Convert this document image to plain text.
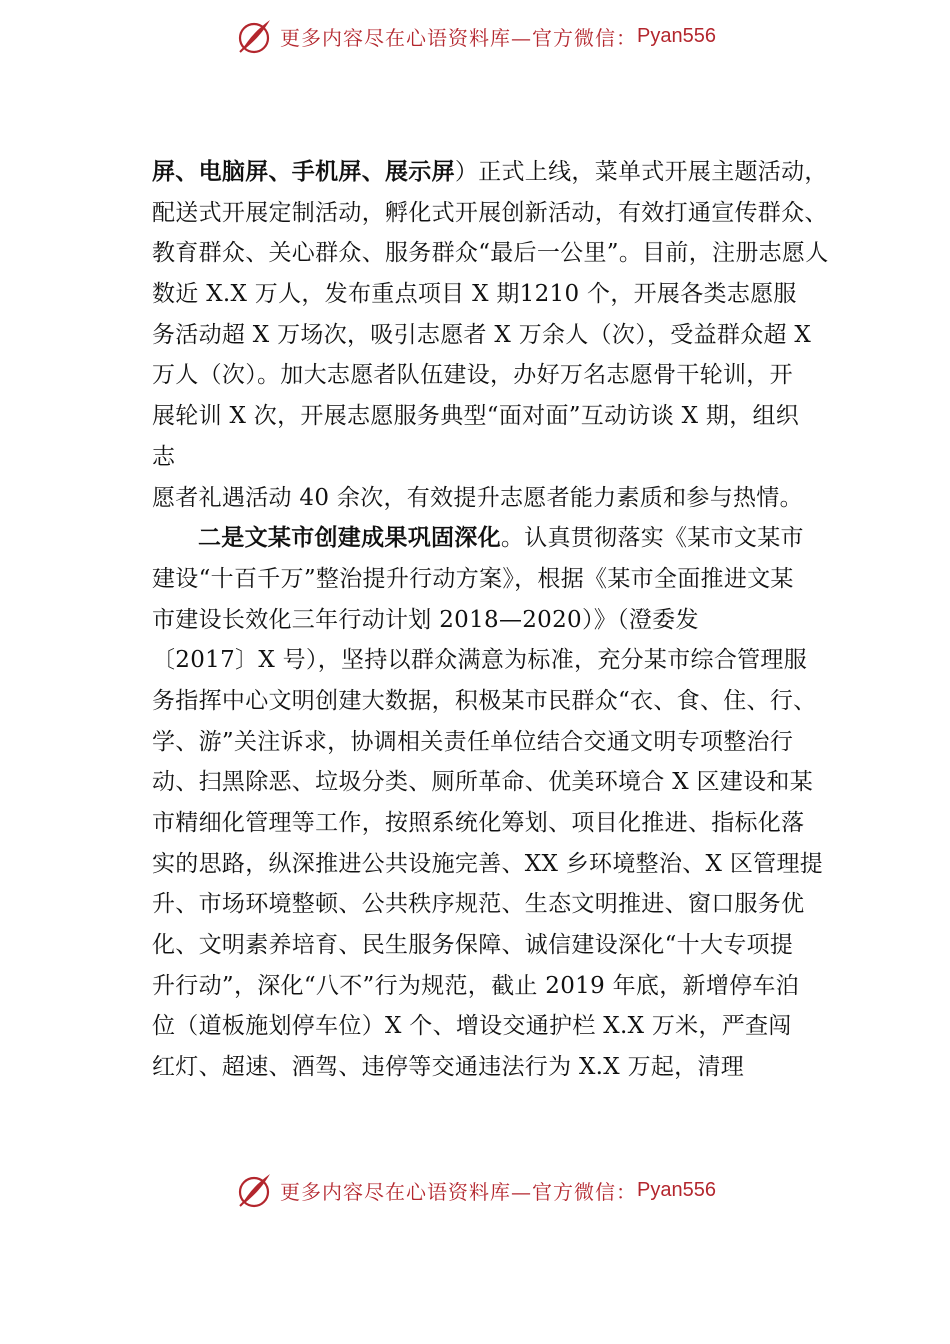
更多内容尽在心语资料库—官方微信： Pyan556
屏、电脑屏、手机屏、展示屏）正式上线，菜单式开展主题活动，
配送式开展定制活动，孵化式开展创新活动，有效打通宣传群众、
教育群众、关心群众、服务群众“最后一公里”。目前，注册志愿人
数近 X.X 万人，发布重点项目 X 期1210 个，开展各类志愿服
务活动超 X 万场次，吸引志愿者 X 万余人（次），受益群众超 X
万人（次）。加大志愿者队伍建设，办好万名志愿骨干轮训，开
展轮训 X 次，开展志愿服务典型“面对面”互动访谈 X 期，组织
志
愿者礼遇活动 40 余次，有效提升志愿者能力素质和参与热情。
二是文某市创建成果巩固深化。认真贯彻落实《某市文某市
建设“十百千万”整治提升行动方案》，根据《某市全面推进文某
市建设长效化三年行动计划 2018—2020）》（澄委发
〔2017〕X 号），坚持以群众满意为标准，充分某市综合管理服
务指挥中心文明创建大数据，积极某市民群众“衣、食、住、行、
学、游”关注诉求，协调相关责任单位结合交通文明专项整治行
动、扫黑除恶、垃圾分类、厕所革命、优美环境合 X 区建设和某
市精细化管理等工作，按照系统化筹划、项目化推进、指标化落
实的思路，纵深推进公共设施完善、XX 乡环境整治、X 区管理提
升、市场环境整顿、公共秩序规范、生态文明推进、窗口服务优
化、文明素养培育、民生服务保障、诚信建设深化“十大专项提
升行动”，深化“八不”行为规范，截止 2019 年底，新增停车泊
位（道板施划停车位）X 个、增设交通护栏 X.X 万米，严查闯
红灯、超速、酒驾、违停等交通违法行为 X.X 万起，清理
更多内容尽在心语资料库—官方微信： Pyan556
